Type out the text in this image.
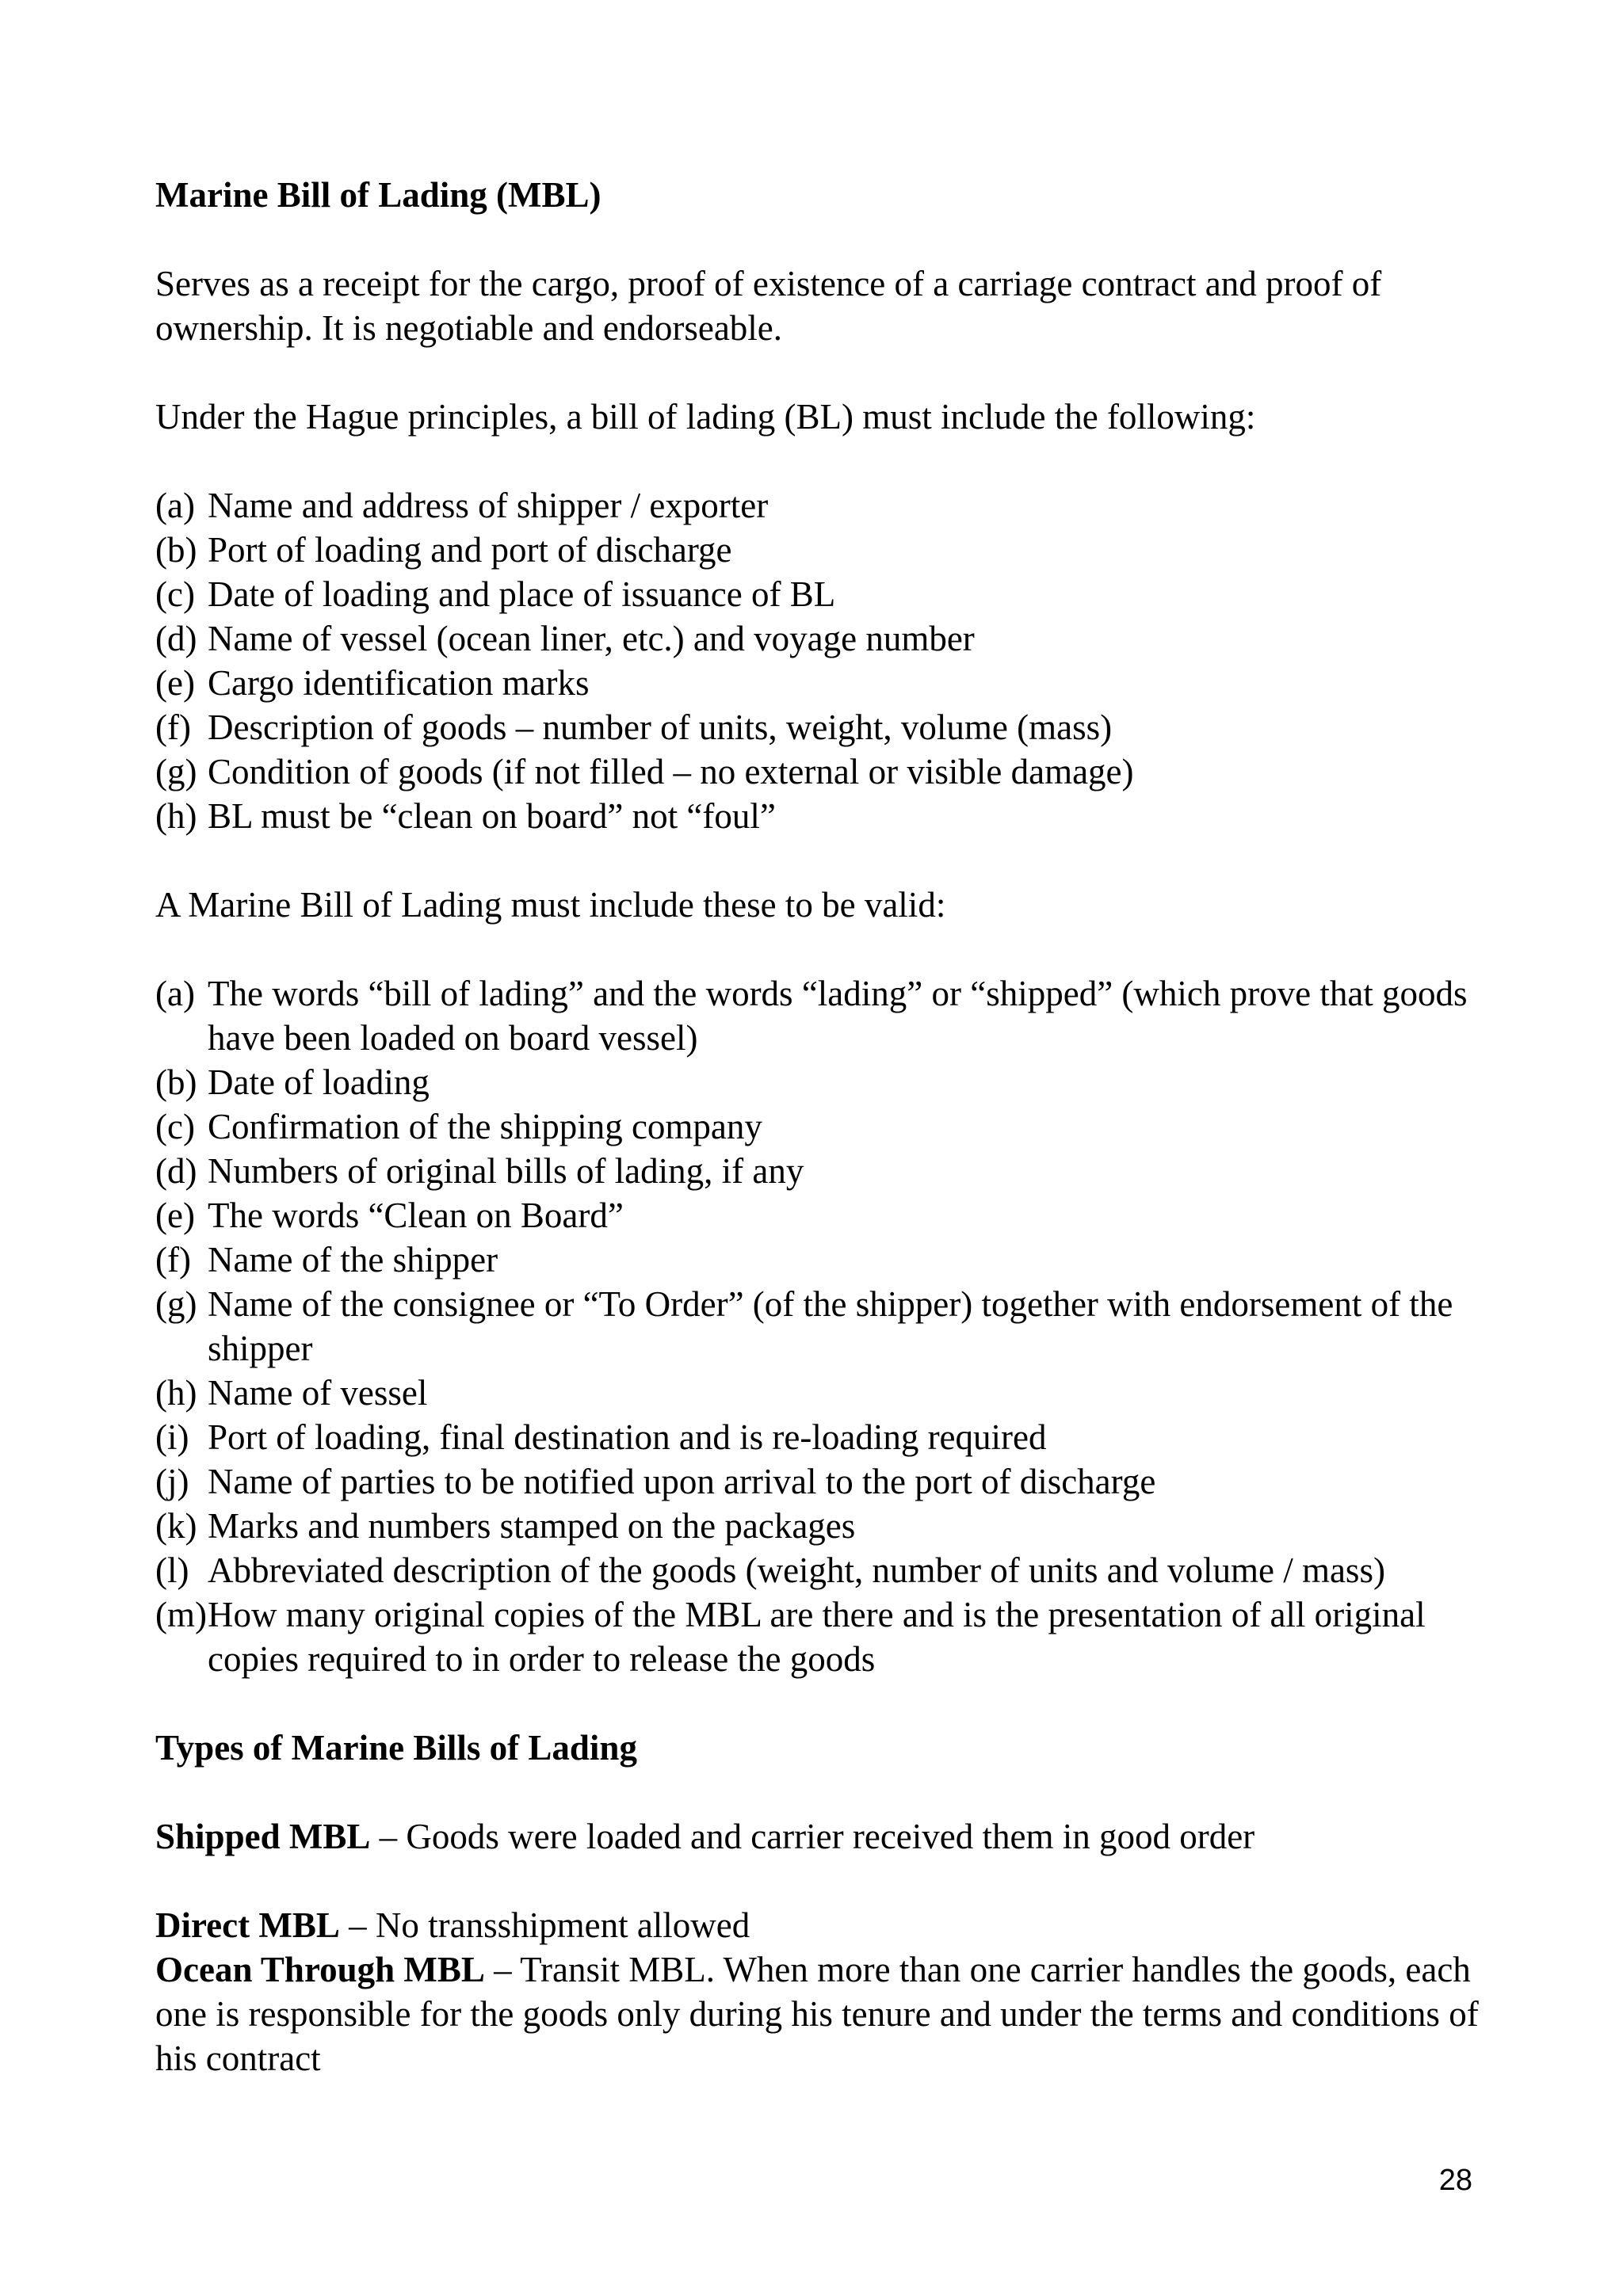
Marine Bill of Lading (MBL)

Serves as a receipt for the cargo, proof of existence of a carriage contract and proof of ownership. It is negotiable and endorseable.

Under the Hague principles, a bill of lading (BL) must include the following:

(a) Name and address of shipper / exporter
(b) Port of loading and port of discharge
(c) Date of loading and place of issuance of BL
(d) Name of vessel (ocean liner, etc.) and voyage number
(e) Cargo identification marks
(f) Description of goods – number of units, weight, volume (mass)
(g) Condition of goods (if not filled – no external or visible damage)
(h) BL must be “clean on board” not “foul”

A Marine Bill of Lading must include these to be valid:

(a) The words “bill of lading” and the words “lading” or “shipped” (which prove that goods have been loaded on board vessel)
(b) Date of loading
(c) Confirmation of the shipping company
(d) Numbers of original bills of lading, if any
(e) The words “Clean on Board”
(f) Name of the shipper
(g) Name of the consignee or “To Order” (of the shipper) together with endorsement of the shipper
(h) Name of vessel
(i) Port of loading, final destination and is re-loading required
(j) Name of parties to be notified upon arrival to the port of discharge
(k) Marks and numbers stamped on the packages
(l) Abbreviated description of the goods (weight, number of units and volume / mass)
(m) How many original copies of the MBL are there and is the presentation of all original copies required to in order to release the goods

Types of Marine Bills of Lading

Shipped MBL – Goods were loaded and carrier received them in good order

Direct MBL – No transshipment allowed

Ocean Through MBL – Transit MBL. When more than one carrier handles the goods, each one is responsible for the goods only during his tenure and under the terms and conditions of his contract

28
